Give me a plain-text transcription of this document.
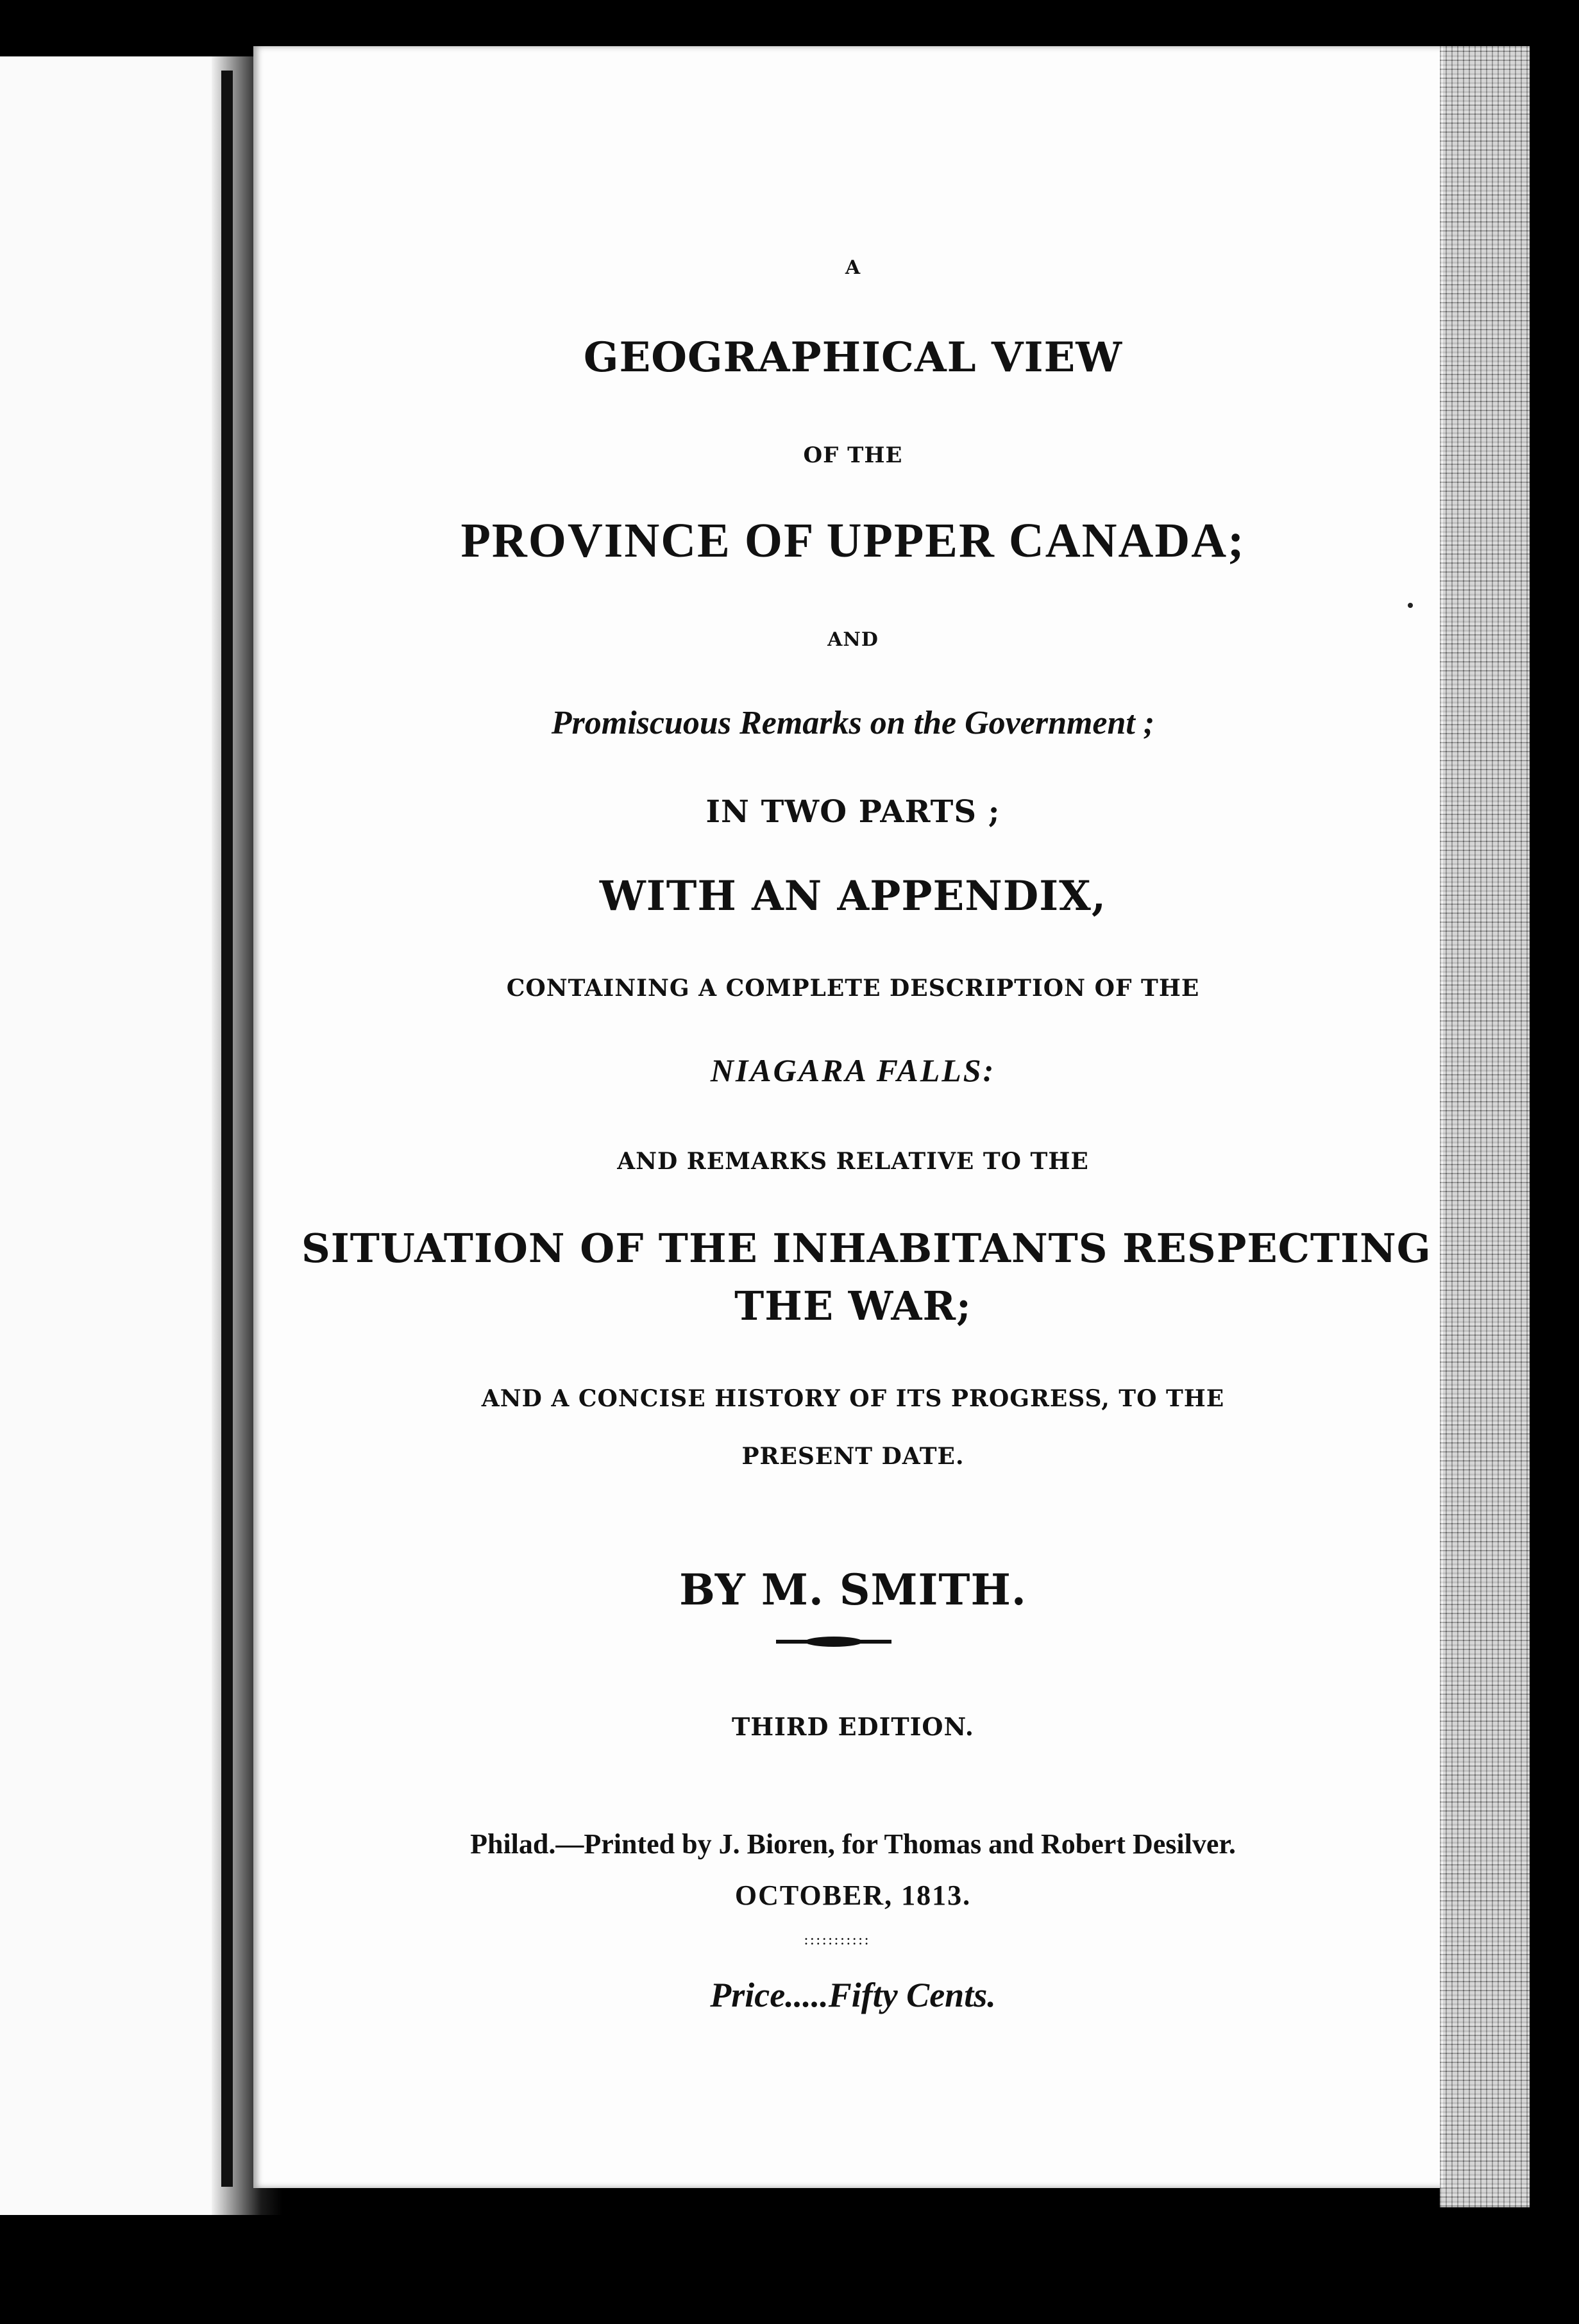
A
GEOGRAPHICAL VIEW
OF THE
PROVINCE OF UPPER CANADA;
AND
Promiscuous Remarks on the Government ;
IN TWO PARTS ;
WITH AN APPENDIX,
CONTAINING A COMPLETE DESCRIPTION OF THE
NIAGARA FALLS:
AND REMARKS RELATIVE TO THE
SITUATION OF THE INHABITANTS RESPECTING
THE WAR;
AND A CONCISE HISTORY OF ITS PROGRESS, TO THE
PRESENT DATE.
BY M. SMITH.
THIRD EDITION.
Philad.—Printed by J. Bioren, for Thomas and Robert Desilver.
OCTOBER, 1813.
:::::::::::
Price.....Fifty Cents.
